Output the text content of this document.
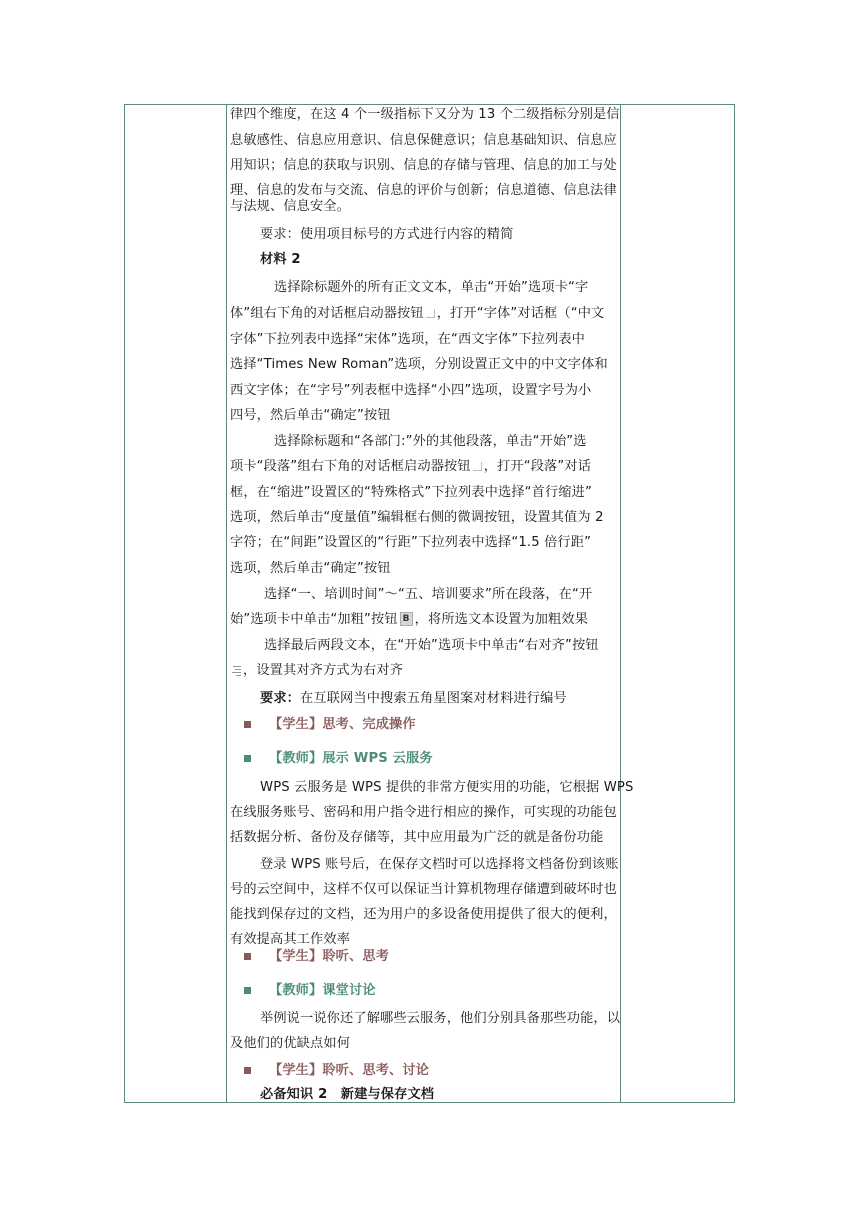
律四个维度，在这 4 个一级指标下又分为 13 个二级指标分别是信
息敏感性、信息应用意识、信息保健意识；信息基础知识、信息应
用知识；信息的获取与识别、信息的存储与管理、信息的加工与处
理、信息的发布与交流、信息的评价与创新；信息道德、信息法律
与法规、信息安全。
要求：使用项目标号的方式进行内容的精简
材料 2
选择除标题外的所有正文文本，单击“开始”选项卡“字
体”组右下角的对话框启动器按钮 ，打开“字体”对话框（“中文
字体”下拉列表中选择“宋体”选项，在“西文字体”下拉列表中
选择“Times New Roman”选项，分别设置正文中的中文字体和
西文字体；在“字号”列表框中选择“小四”选项，设置字号为小
四号，然后单击“确定”按钮
选择除标题和“各部门:”外的其他段落，单击“开始”选
项卡“段落”组右下角的对话框启动器按钮 ，打开“段落”对话
框，在“缩进”设置区的“特殊格式”下拉列表中选择“首行缩进”
选项，然后单击“度量值”编辑框右侧的微调按钮，设置其值为 2
字符；在“间距”设置区的“行距”下拉列表中选择“1.5 倍行距”
选项，然后单击“确定”按钮
选择“一、培训时间”～“五、培训要求”所在段落，在“开
始”选项卡中单击“加粗”按钮 B ，将所选文本设置为加粗效果
选择最后两段文本，在“开始”选项卡中单击“右对齐”按钮
，设置其对齐方式为右对齐
要求：在互联网当中搜索五角星图案对材料进行编号
【学生】思考、完成操作
【教师】展示 WPS 云服务
WPS 云服务是 WPS 提供的非常方便实用的功能，它根据 WPS
在线服务账号、密码和用户指令进行相应的操作，可实现的功能包
括数据分析、备份及存储等，其中应用最为广泛的就是备份功能
登录 WPS 账号后，在保存文档时可以选择将文档备份到该账
号的云空间中，这样不仅可以保证当计算机物理存储遭到破坏时也
能找到保存过的文档，还为用户的多设备使用提供了很大的便利，
有效提高其工作效率
【学生】聆听、思考
【教师】课堂讨论
举例说一说你还了解哪些云服务，他们分别具备那些功能，以
及他们的优缺点如何
【学生】聆听、思考、讨论
必备知识 2　新建与保存文档
